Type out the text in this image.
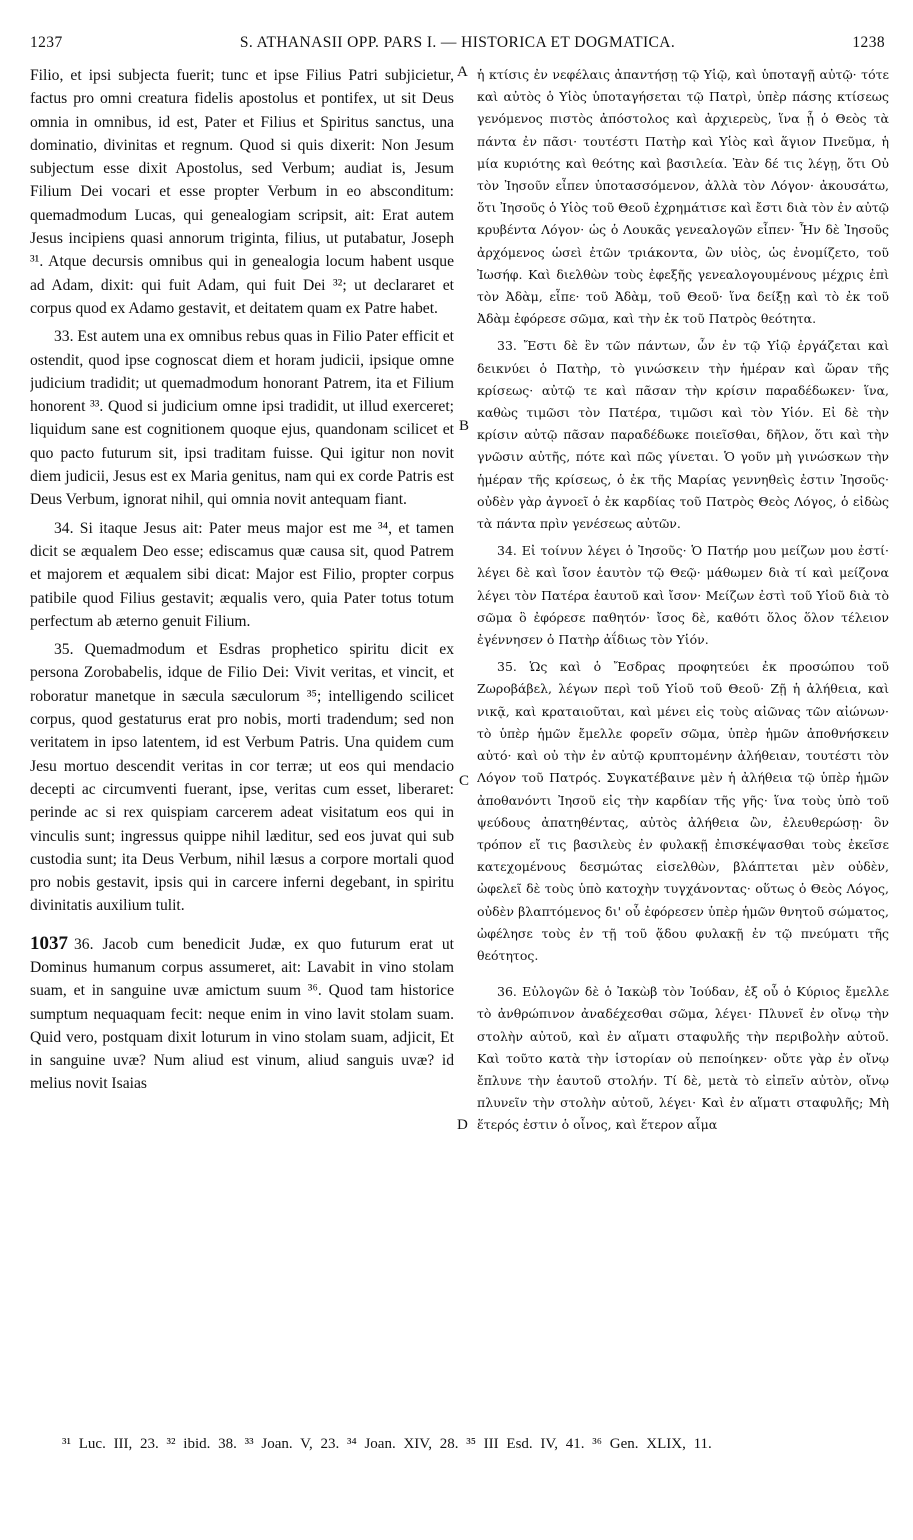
1237	S. ATHANASII OPP. PARS I. — HISTORICA ET DOGMATICA.	1238

Filio, et ipsi subjecta fuerit; tunc et ipse Filius Patri subjicietur, factus pro omni creatura fidelis apostolus et pontifex, ut sit Deus omnia in omnibus, id est, Pater et Filius et Spiritus sanctus, una dominatio, divinitas et regnum. Quod si quis dixerit: Non Jesum subjectum esse dixit Apostolus, sed Verbum; audiat is, Jesum Filium Dei vocari et esse propter Verbum in eo absconditum: quemadmodum Lucas, qui genealogiam scripsit, ait: Erat autem Jesus incipiens quasi annorum triginta, filius, ut putabatur, Joseph ³¹. Atque decursis omnibus qui in genealogia locum habent usque ad Adam, dixit: qui fuit Adam, qui fuit Dei ³²; ut declararet et corpus quod ex Adamo gestavit, et deitatem quam ex Patre habet.

33. Est autem una ex omnibus rebus quas in Filio Pater efficit et ostendit, quod ipse cognoscat diem et horam judicii, ipsique omne judicium tradidit; ut quemadmodum honorant Patrem, ita et Filium honorent ³³. Quod si judicium omne ipsi tradidit, ut illud exerceret; liquidum sane est cognitionem quoque ejus, quandonam scilicet et quo pacto futurum sit, ipsi traditam fuisse. Qui igitur non novit diem judicii, Jesus est ex Maria genitus, nam qui ex corde Patris est Deus Verbum, ignorat nihil, qui omnia novit antequam fiant.

34. Si itaque Jesus ait: Pater meus major est me ³⁴, et tamen dicit se æqualem Deo esse; ediscamus quæ causa sit, quod Patrem et majorem et æqualem sibi dicat: Major est Filio, propter corpus patibile quod Filius gestavit; æqualis vero, quia Pater totus totum perfectum ab æterno genuit Filium.

35. Quemadmodum et Esdras prophetico spiritu dicit ex persona Zorobabelis, idque de Filio Dei: Vivit veritas, et vincit, et roboratur manetque in sæcula sæculorum ³⁵; intelligendo scilicet corpus, quod gestaturus erat pro nobis, morti tradendum; sed non veritatem in ipso latentem, id est Verbum Patris. Una quidem cum Jesu mortuo descendit veritas in cor terræ; ut eos qui mendacio decepti ac circumventi fuerant, ipse, veritas cum esset, liberaret: perinde ac si rex quispiam carcerem adeat visitatum eos qui in vinculis sunt; ingressus quippe nihil læditur, sed eos juvat qui sub custodia sunt; ita Deus Verbum, nihil læsus a corpore mortali quod pro nobis gestavit, ipsis qui in carcere inferni degebant, in spiritu divinitatis auxilium tulit.

1037 36. Jacob cum benedicit Judæ, ex quo futurum erat ut Dominus humanum corpus assumeret, ait: Lavabit in vino stolam suam, et in sanguine uvæ amictum suum ³⁶. Quod tam historice sumptum nequaquam fecit: neque enim in vino lavit stolam suam. Quid vero, postquam dixit loturum in vino stolam suam, adjicit, Et in sanguine uvæ? Num aliud est vinum, aliud sanguis uvæ? id melius novit Isaias

A
B
C
D

ἡ κτίσις ἐν νεφέλαις ἀπαντήσῃ τῷ Υἱῷ, καὶ ὑποταγῇ αὐτῷ· τότε καὶ αὐτὸς ὁ Υἱὸς ὑποταγήσεται τῷ Πατρὶ, ὑπὲρ πάσης κτίσεως γενόμενος πιστὸς ἀπόστολος καὶ ἀρχιερεὺς, ἵνα ᾖ ὁ Θεὸς τὰ πάντα ἐν πᾶσι· τουτέστι Πατὴρ καὶ Υἱὸς καὶ ἅγιον Πνεῦμα, ἡ μία κυριότης καὶ θεότης καὶ βασιλεία. Ἐὰν δέ τις λέγῃ, ὅτι Οὐ τὸν Ἰησοῦν εἶπεν ὑποτασσόμενον, ἀλλὰ τὸν Λόγον· ἀκουσάτω, ὅτι Ἰησοῦς ὁ Υἱὸς τοῦ Θεοῦ ἐχρημάτισε καὶ ἔστι διὰ τὸν ἐν αὐτῷ κρυβέντα Λόγον· ὡς ὁ Λουκᾶς γενεαλογῶν εἶπεν· Ἦν δὲ Ἰησοῦς ἀρχόμενος ὡσεὶ ἐτῶν τριάκοντα, ὢν υἱὸς, ὡς ἐνομίζετο, τοῦ Ἰωσήφ. Καὶ διελθὼν τοὺς ἐφεξῆς γενεαλογουμένους μέχρις ἐπὶ τὸν Ἀδὰμ, εἶπε· τοῦ Ἀδὰμ, τοῦ Θεοῦ· ἵνα δείξῃ καὶ τὸ ἐκ τοῦ Ἀδὰμ ἐφόρεσε σῶμα, καὶ τὴν ἐκ τοῦ Πατρὸς θεότητα.

33. Ἔστι δὲ ἓν τῶν πάντων, ὧν ἐν τῷ Υἱῷ ἐργάζεται καὶ δεικνύει ὁ Πατὴρ, τὸ γινώσκειν τὴν ἡμέραν καὶ ὥραν τῆς κρίσεως· αὐτῷ τε καὶ πᾶσαν τὴν κρίσιν παραδέδωκεν· ἵνα, καθὼς τιμῶσι τὸν Πατέρα, τιμῶσι καὶ τὸν Υἱόν. Εἰ δὲ τὴν κρίσιν αὐτῷ πᾶσαν παραδέδωκε ποιεῖσθαι, δῆλον, ὅτι καὶ τὴν γνῶσιν αὐτῆς, πότε καὶ πῶς γίνεται. Ὁ γοῦν μὴ γινώσκων τὴν ἡμέραν τῆς κρίσεως, ὁ ἐκ τῆς Μαρίας γεννηθεὶς ἐστιν Ἰησοῦς· οὐδὲν γὰρ ἀγνοεῖ ὁ ἐκ καρδίας τοῦ Πατρὸς Θεὸς Λόγος, ὁ εἰδὼς τὰ πάντα πρὶν γενέσεως αὐτῶν.

34. Εἰ τοίνυν λέγει ὁ Ἰησοῦς· Ὁ Πατήρ μου μείζων μου ἐστί· λέγει δὲ καὶ ἴσον ἑαυτὸν τῷ Θεῷ· μάθωμεν διὰ τί καὶ μείζονα λέγει τὸν Πατέρα ἑαυτοῦ καὶ ἴσον· Μείζων ἐστὶ τοῦ Υἱοῦ διὰ τὸ σῶμα ὃ ἐφόρεσε παθητόν· ἴσος δὲ, καθότι ὅλος ὅλον τέλειον ἐγέννησεν ὁ Πατὴρ ἀΐδιως τὸν Υἱόν.

35. Ὡς καὶ ὁ Ἔσδρας προφητεύει ἐκ προσώπου τοῦ Ζωροβάβελ, λέγων περὶ τοῦ Υἱοῦ τοῦ Θεοῦ· Ζῇ ἡ ἀλήθεια, καὶ νικᾷ, καὶ κραταιοῦται, καὶ μένει εἰς τοὺς αἰῶνας τῶν αἰώνων· τὸ ὑπὲρ ἡμῶν ἔμελλε φορεῖν σῶμα, ὑπὲρ ἡμῶν ἀποθνήσκειν αὐτό· καὶ οὐ τὴν ἐν αὐτῷ κρυπτομένην ἀλήθειαν, τουτέστι τὸν Λόγον τοῦ Πατρός. Συγκατέβαινε μὲν ἡ ἀλήθεια τῷ ὑπὲρ ἡμῶν ἀποθανόντι Ἰησοῦ εἰς τὴν καρδίαν τῆς γῆς· ἵνα τοὺς ὑπὸ τοῦ ψεύδους ἀπατηθέντας, αὐτὸς ἀλήθεια ὢν, ἐλευθερώσῃ· ὃν τρόπον εἴ τις βασιλεὺς ἐν φυλακῇ ἐπισκέψασθαι τοὺς ἐκεῖσε κατεχομένους δεσμώτας εἰσελθὼν, βλάπτεται μὲν οὐδὲν, ὠφελεῖ δὲ τοὺς ὑπὸ κατοχὴν τυγχάνοντας· οὕτως ὁ Θεὸς Λόγος, οὐδὲν βλαπτόμενος δι' οὗ ἐφόρεσεν ὑπὲρ ἡμῶν θνητοῦ σώματος, ὠφέλησε τοὺς ἐν τῇ τοῦ ᾅδου φυλακῇ ἐν τῷ πνεύματι τῆς θεότητος.

36. Εὐλογῶν δὲ ὁ Ἰακὼβ τὸν Ἰούδαν, ἐξ οὗ ὁ Κύριος ἔμελλε τὸ ἀνθρώπινον ἀναδέχεσθαι σῶμα, λέγει· Πλυνεῖ ἐν οἴνῳ τὴν στολὴν αὐτοῦ, καὶ ἐν αἵματι σταφυλῆς τὴν περιβολὴν αὐτοῦ. Καὶ τοῦτο κατὰ τὴν ἱστορίαν οὐ πεποίηκεν· οὔτε γὰρ ἐν οἴνῳ ἔπλυνε τὴν ἑαυτοῦ στολήν. Τί δὲ, μετὰ τὸ εἰπεῖν αὐτὸν, οἴνῳ πλυνεῖν τὴν στολὴν αὐτοῦ, λέγει· Καὶ ἐν αἵματι σταφυλῆς; Μὴ ἕτερός ἐστιν ὁ οἶνος, καὶ ἕτερον αἷμα

³¹ Luc. III, 23. ³² ibid. 38. ³³ Joan. V, 23. ³⁴ Joan. XIV, 28. ³⁵ III Esd. IV, 41. ³⁶ Gen. XLIX, 11.
